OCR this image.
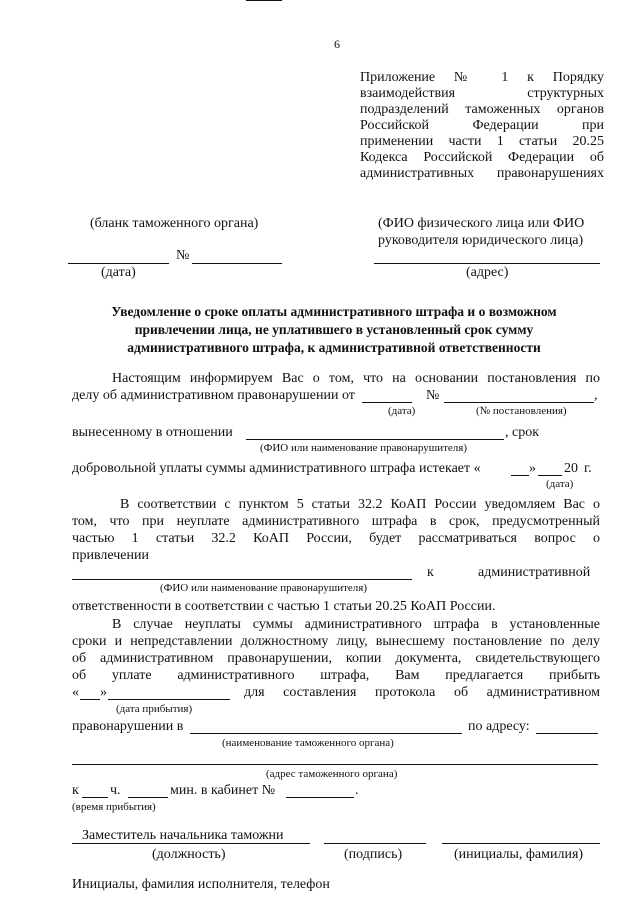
6
Приложение № 1 к Порядку
взаимодействия структурных
подразделений таможенных органов
Российской Федерации при
применении части 1 статьи 20.25
Кодекса Российской Федерации об
административных правонарушениях
(бланк таможенного органа)	(ФИО физического лица или ФИО
руководителя юридического лица)
№
(дата)	(адрес)
Уведомление о сроке оплаты административного штрафа и о возможном
привлечении лица, не уплатившего в установленный срок сумму
административного штрафа, к административной ответственности
Настоящим информируем Вас о том, что на основании постановления по
делу об административном правонарушении от	№	,
(дата)	(№ постановления)
вынесенному в отношении	, срок
(ФИО или наименование правонарушителя)
добровольной уплаты суммы административного штрафа истекает «	» 20 г.
(дата)
В соответствии с пунктом 5 статьи 32.2 КоАП России уведомляем Вас о
том, что при неуплате административного штрафа в срок, предусмотренный
частью 1 статьи 32.2 КоАП России, будет рассматриваться вопрос о
привлечении
к	административной
(ФИО или наименование правонарушителя)
ответственности в соответствии с частью 1 статьи 20.25 КоАП России.
В случае неуплаты суммы административного штрафа в установленные
сроки и непредставлении должностному лицу, вынесшему постановление по делу
об административном правонарушении, копии документа, свидетельствующего
об уплате административного штрафа, Вам предлагается прибыть
« »	для составления протокола об административном
(дата прибытия)
правонарушении в	по адресу:
(наименование таможенного органа)
(адрес таможенного органа)
к ч.	мин. в кабинет №	.
(время прибытия)
Заместитель начальника таможни
(должность)	(подпись)	(инициалы, фамилия)
Инициалы, фамилия исполнителя, телефон
